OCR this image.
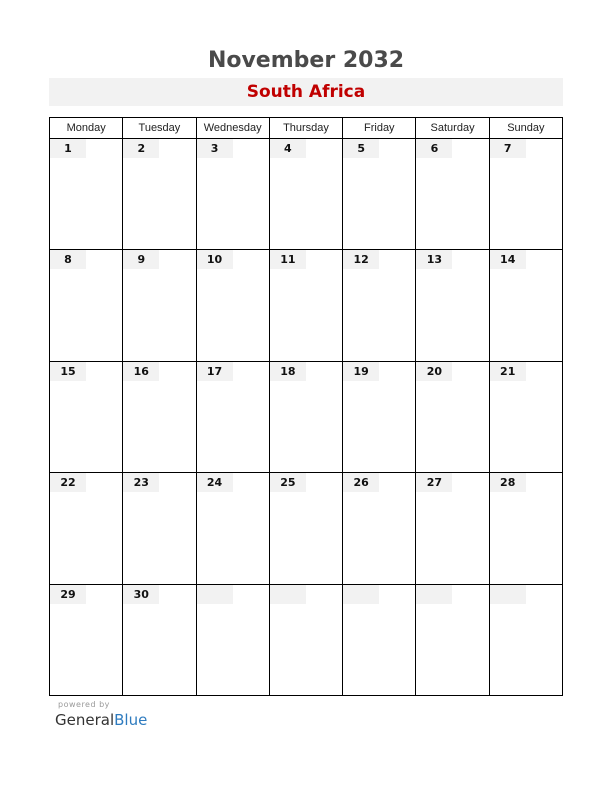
November 2032
South Africa
Monday	Tuesday	Wednesday	Thursday	Friday	Saturday	Sunday
1	2	3	4	5	6	7
8	9	10	11	12	13	14
15	16	17	18	19	20	21
22	23	24	25	26	27	28
29	30
powered by
GeneralBlue
